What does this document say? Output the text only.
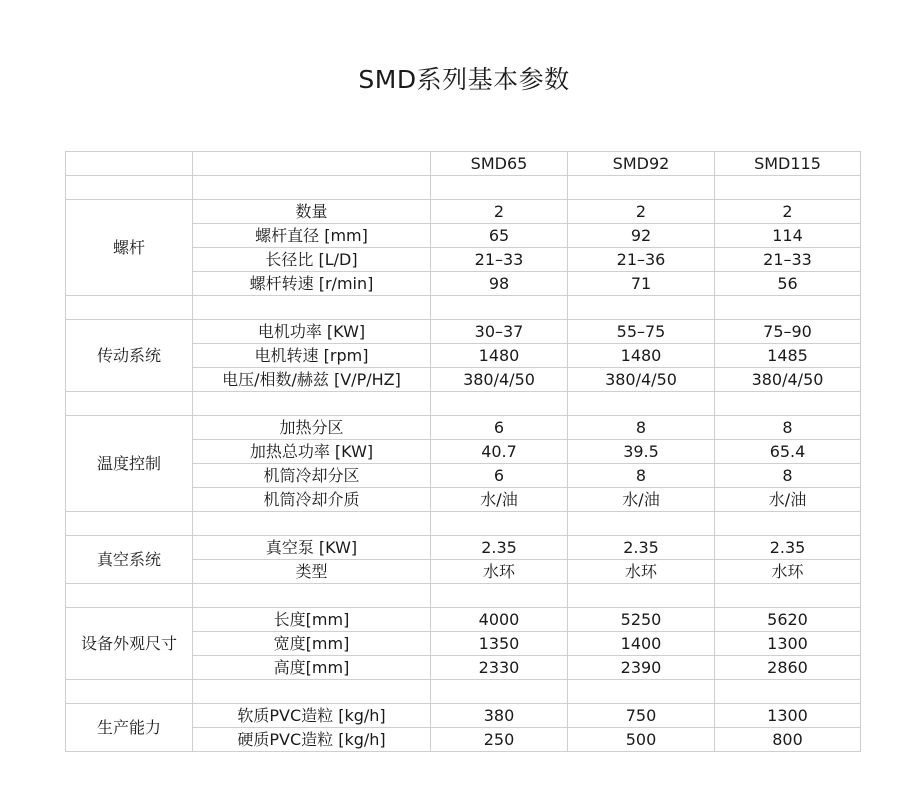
SMD系列基本参数
		SMD65	SMD92	SMD115

螺杆	数量	2	2	2
	螺杆直径 [mm]	65	92	114
	长径比 [L/D]	21–33	21–36	21–33
	螺杆转速 [r/min]	98	71	56

传动系统	电机功率 [KW]	30–37	55–75	75–90
	电机转速 [rpm]	1480	1480	1485
	电压/相数/赫兹 [V/P/HZ]	380/4/50	380/4/50	380/4/50

温度控制	加热分区	6	8	8
	加热总功率 [KW]	40.7	39.5	65.4
	机筒冷却分区	6	8	8
	机筒冷却介质	水/油	水/油	水/油

真空系统	真空泵 [KW]	2.35	2.35	2.35
	类型	水环	水环	水环

设备外观尺寸	长度[mm]	4000	5250	5620
	宽度[mm]	1350	1400	1300
	高度[mm]	2330	2390	2860

生产能力	软质PVC造粒 [kg/h]	380	750	1300
	硬质PVC造粒 [kg/h]	250	500	800
